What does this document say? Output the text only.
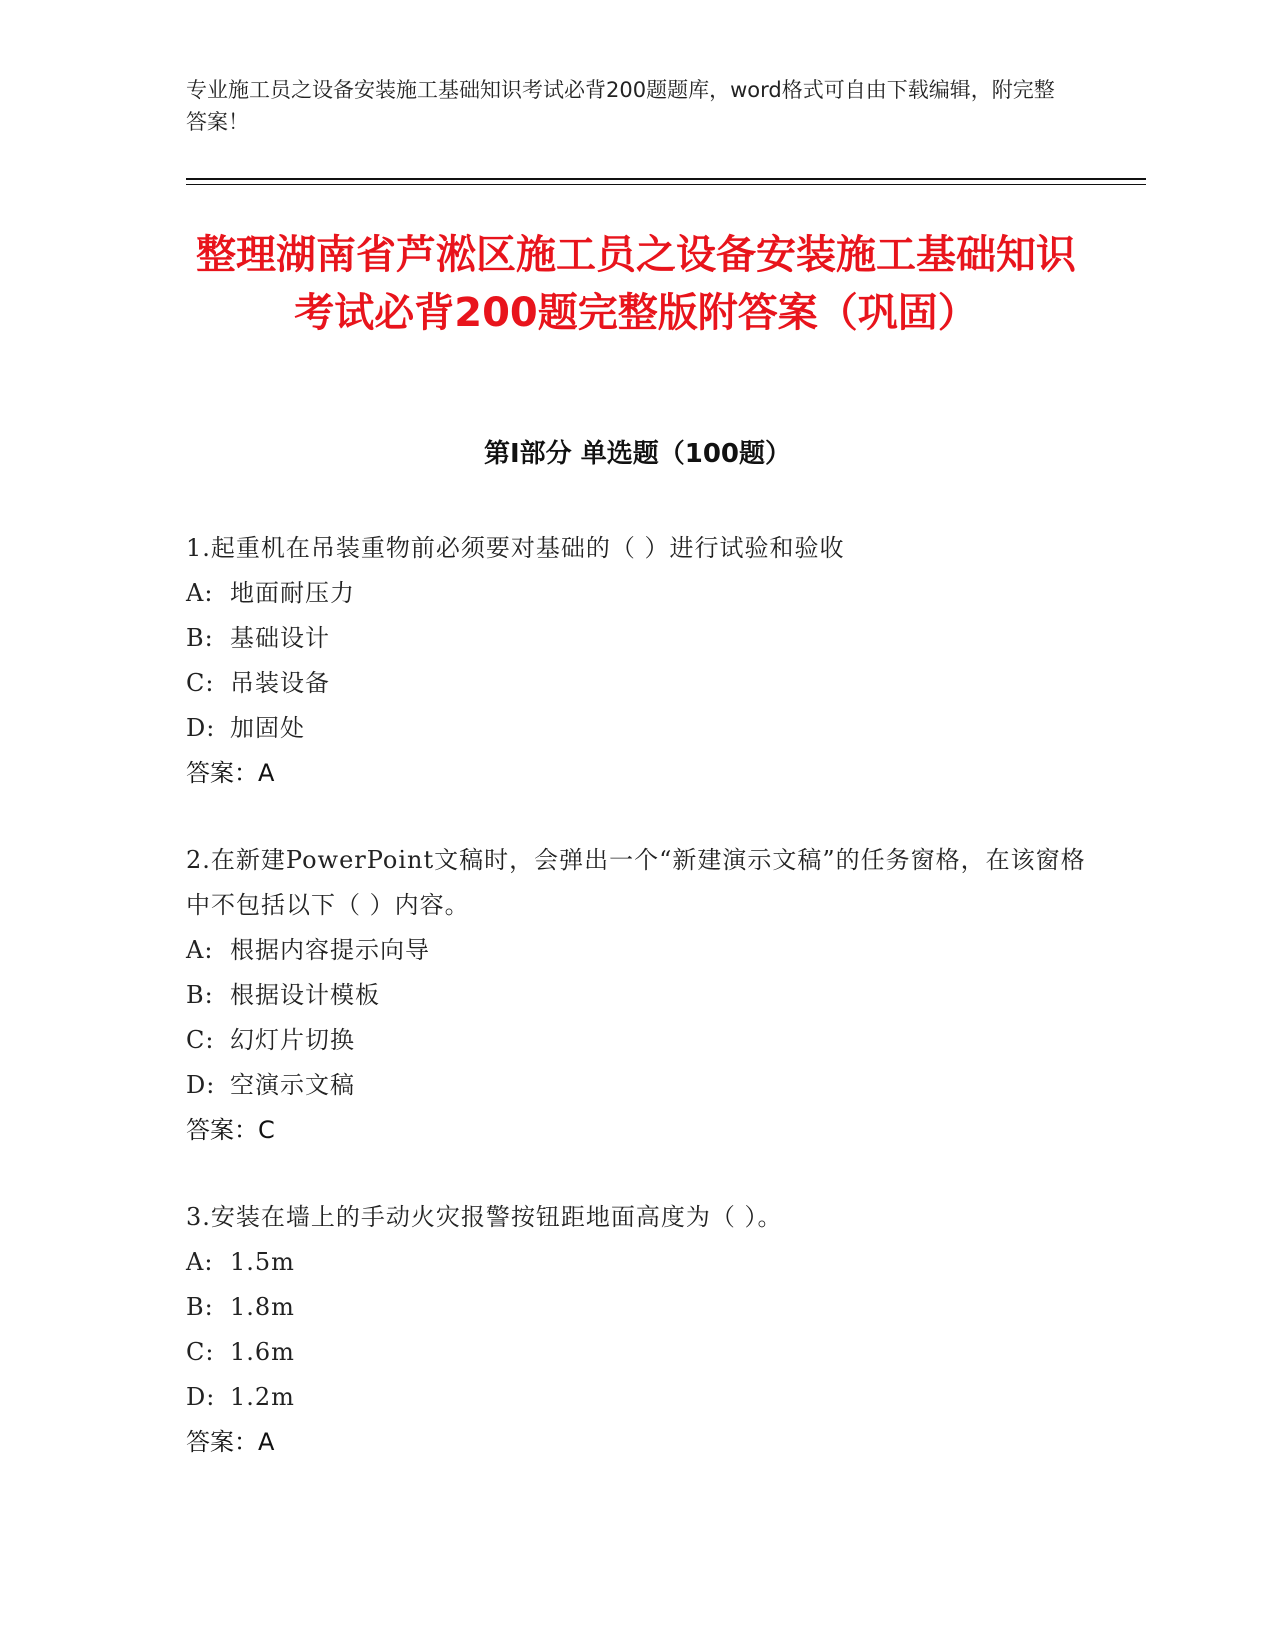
专业施工员之设备安装施工基础知识考试必背200题题库，word格式可自由下载编辑，附完整答案！
整理湖南省芦淞区施工员之设备安装施工基础知识考试必背200题完整版附答案（巩固）
第I部分 单选题（100题）
1.起重机在吊装重物前必须要对基础的（ ）进行试验和验收
A: 地面耐压力
B: 基础设计
C: 吊装设备
D: 加固处
答案：A
2.在新建PowerPoint文稿时，会弹出一个“新建演示文稿”的任务窗格，在该窗格中不包括以下（ ）内容。
A: 根据内容提示向导
B: 根据设计模板
C: 幻灯片切换
D: 空演示文稿
答案：C
3.安装在墙上的手动火灾报警按钮距地面高度为（ ）。
A: 1.5m
B: 1.8m
C: 1.6m
D: 1.2m
答案：A
